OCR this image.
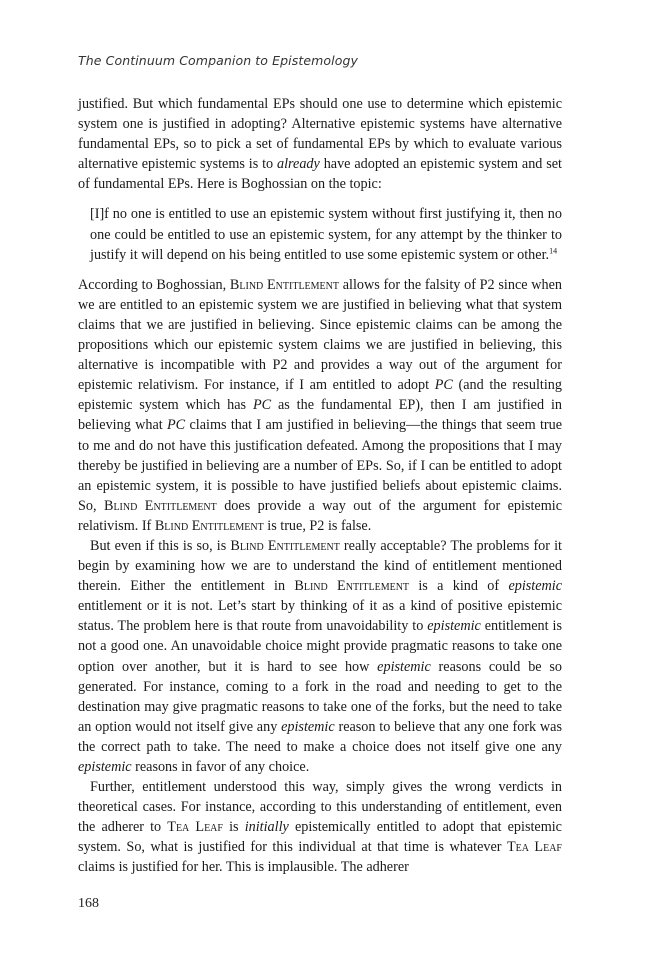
The Continuum Companion to Epistemology

justified. But which fundamental EPs should one use to determine which epistemic system one is justified in adopting? Alternative epistemic systems have alternative fundamental EPs, so to pick a set of fundamental EPs by which to evaluate various alternative epistemic systems is to already have adopted an epistemic system and set of fundamental EPs. Here is Boghossian on the topic:

[I]f no one is entitled to use an epistemic system without first justifying it, then no one could be entitled to use an epistemic system, for any attempt by the thinker to justify it will depend on his being entitled to use some epistemic system or other.$^{14}$

According to Boghossian, Blind Entitlement allows for the falsity of P2 since when we are entitled to an epistemic system we are justified in believing what that system claims that we are justified in believing. Since epistemic claims can be among the propositions which our epistemic system claims we are justified in believing, this alternative is incompatible with P2 and provides a way out of the argument for epistemic relativism. For instance, if I am entitled to adopt PC (and the resulting epistemic system which has PC as the fundamental EP), then I am justified in believing what PC claims that I am justified in believing—the things that seem true to me and do not have this justification defeated. Among the propositions that I may thereby be justified in believing are a number of EPs. So, if I can be entitled to adopt an epistemic system, it is possible to have justified beliefs about epistemic claims. So, Blind Entitlement does provide a way out of the argument for epistemic relativism. If Blind Entitlement is true, P2 is false.

But even if this is so, is Blind Entitlement really acceptable? The problems for it begin by examining how we are to understand the kind of entitlement mentioned therein. Either the entitlement in Blind Entitlement is a kind of epistemic entitlement or it is not. Let’s start by thinking of it as a kind of positive epistemic status. The problem here is that route from unavoidability to epistemic entitlement is not a good one. An unavoidable choice might provide pragmatic reasons to take one option over another, but it is hard to see how epistemic reasons could be so generated. For instance, coming to a fork in the road and needing to get to the destination may give pragmatic reasons to take one of the forks, but the need to take an option would not itself give any epistemic reason to believe that any one fork was the correct path to take. The need to make a choice does not itself give one any epistemic reasons in favor of any choice.

Further, entitlement understood this way, simply gives the wrong verdicts in theoretical cases. For instance, according to this understanding of entitlement, even the adherer to Tea Leaf is initially epistemically entitled to adopt that epistemic system. So, what is justified for this individual at that time is whatever Tea Leaf claims is justified for her. This is implausible. The adherer

168
